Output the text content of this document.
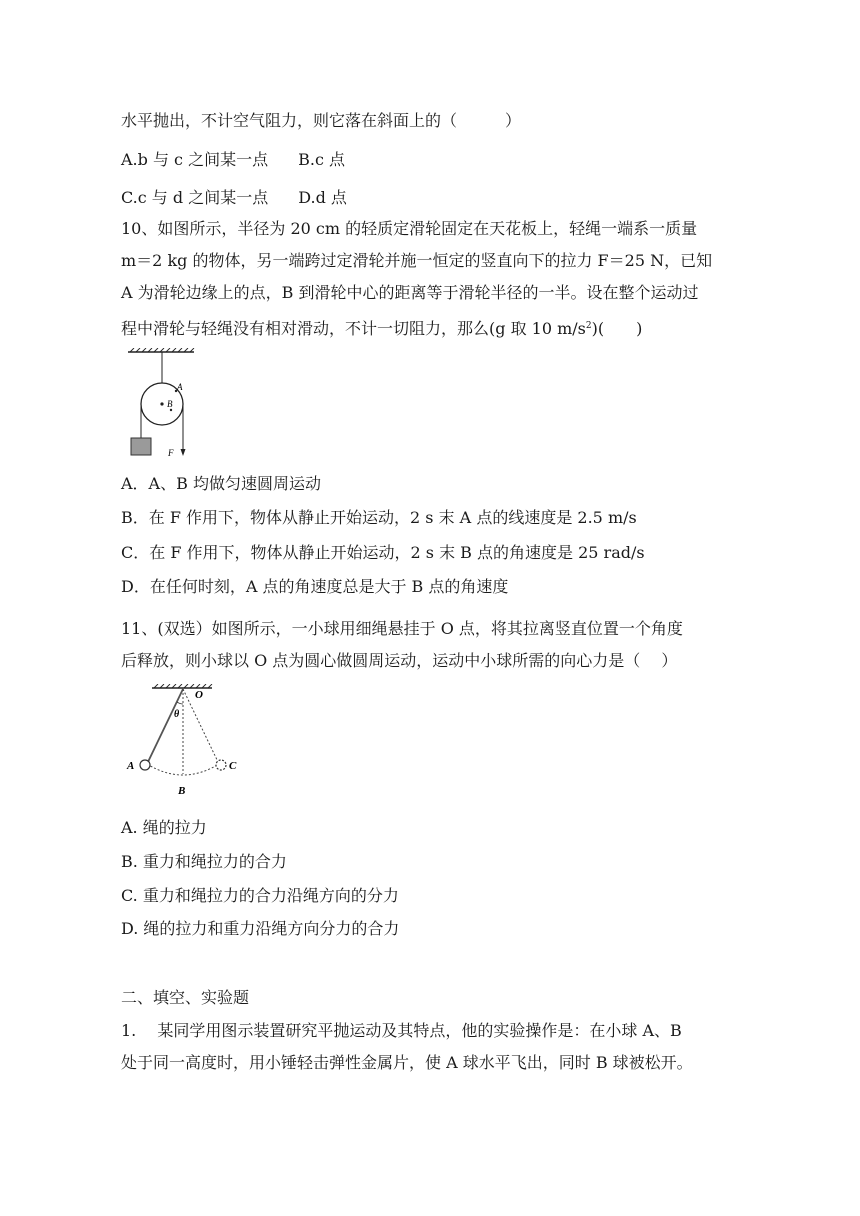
水平抛出，不计空气阻力，则它落在斜面上的（　　　）
A.b 与 c 之间某一点 B.c 点
C.c 与 d 之间某一点 D.d 点
10、如图所示，半径为 20 cm 的轻质定滑轮固定在天花板上，轻绳一端系一质量
m＝2 kg 的物体，另一端跨过定滑轮并施一恒定的竖直向下的拉力 F＝25 N，已知
A 为滑轮边缘上的点，B 到滑轮中心的距离等于滑轮半径的一半。设在整个运动过
程中滑轮与轻绳没有相对滑动，不计一切阻力，那么(g 取 10 $m/s^2$)(　　)
A
B
F
A．A、B 均做匀速圆周运动
B．在 F 作用下，物体从静止开始运动，2 s 末 A 点的线速度是 2.5 m/s
C．在 F 作用下，物体从静止开始运动，2 s 末 B 点的角速度是 25 rad/s
D．在任何时刻，A 点的角速度总是大于 B 点的角速度
11、(双选）如图所示，一小球用细绳悬挂于 O 点，将其拉离竖直位置一个角度
后释放，则小球以 O 点为圆心做圆周运动，运动中小球所需的向心力是（　 ）
O
θ
A
B
C
A. 绳的拉力
B. 重力和绳拉力的合力
C. 重力和绳拉力的合力沿绳方向的分力
D. 绳的拉力和重力沿绳方向分力的合力
二、填空、实验题
1.　 某同学用图示装置研究平抛运动及其特点，他的实验操作是：在小球 A、B
处于同一高度时，用小锤轻击弹性金属片，使 A 球水平飞出，同时 B 球被松开。
